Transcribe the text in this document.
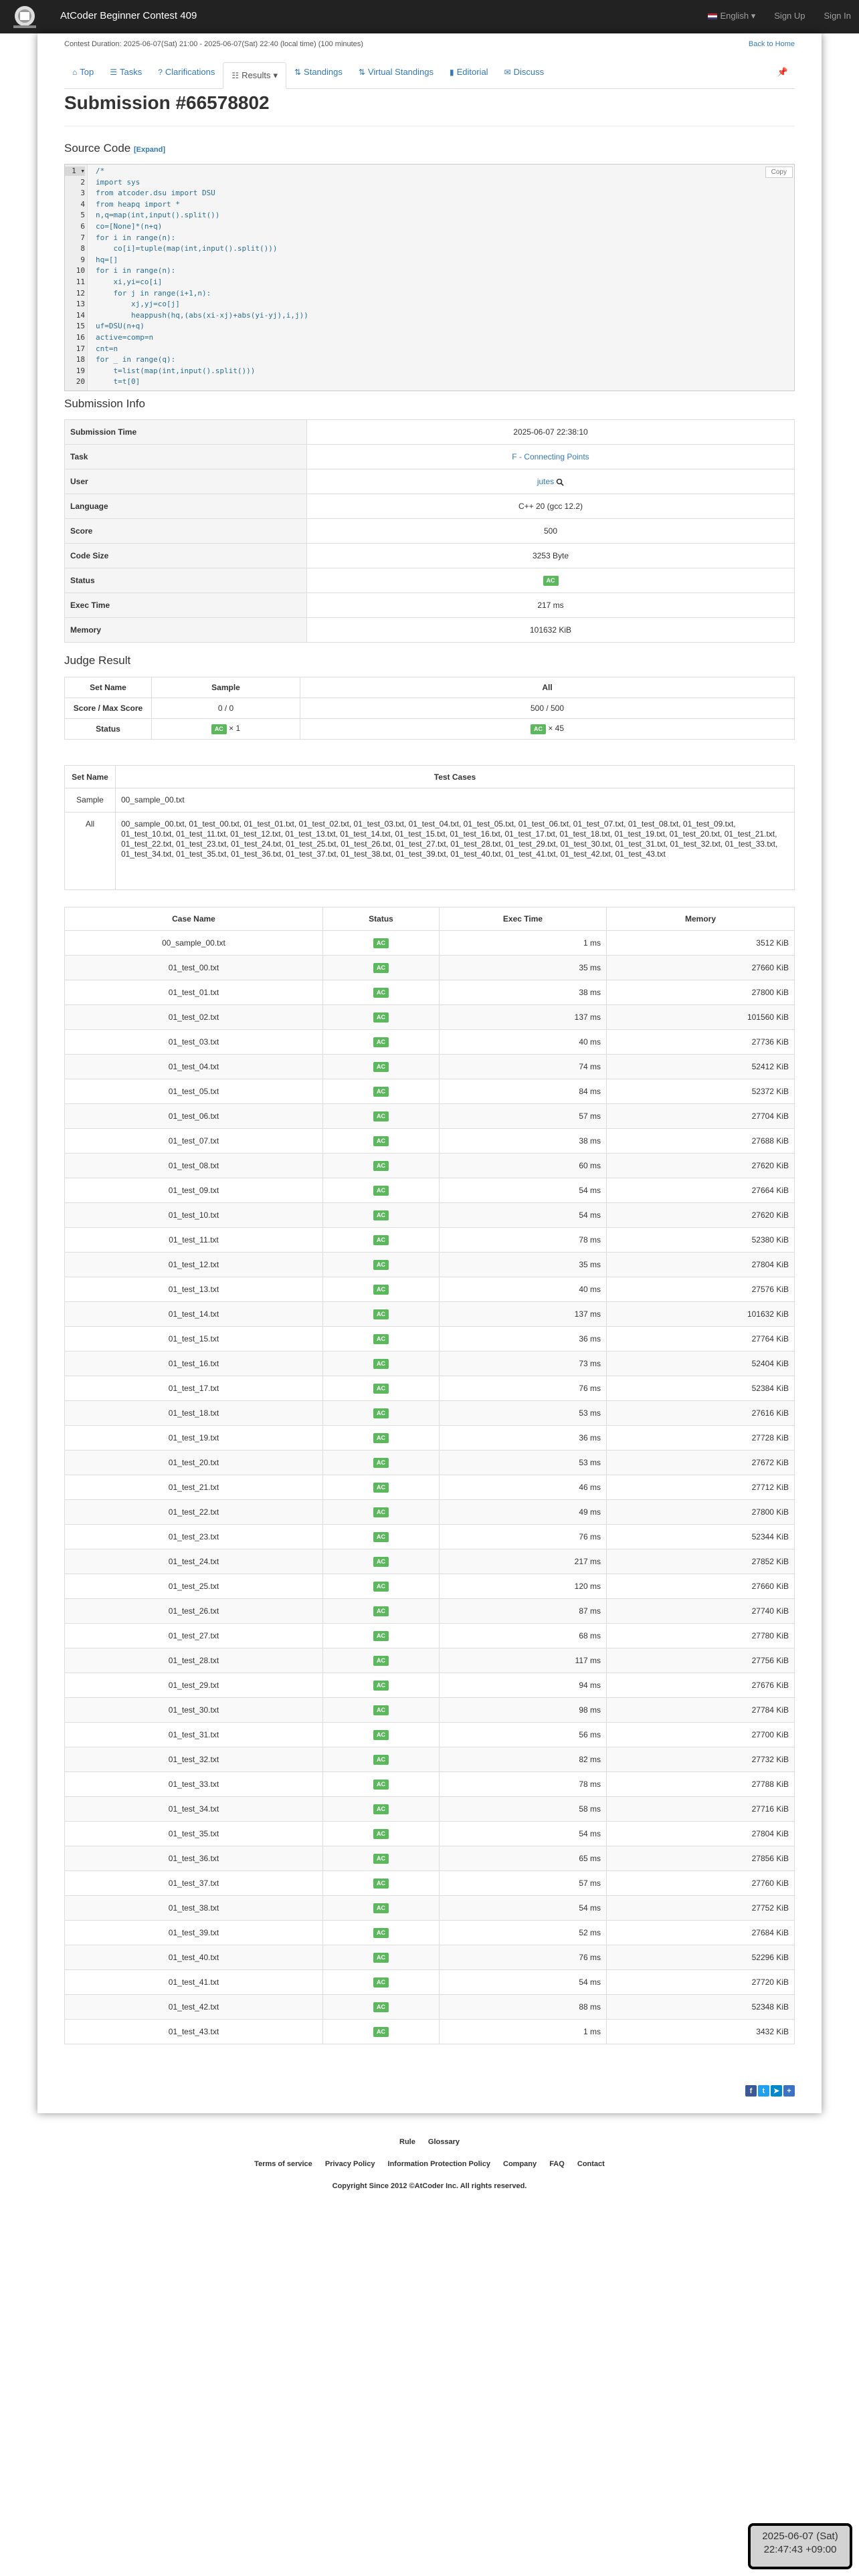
AtCoder Beginner Contest 409	English ▾ Sign Up Sign In
Contest Duration: 2025-06-07(Sat) 21:00 - 2025-06-07(Sat) 22:40 (local time) (100 minutes)	Back to Home
⌂ Top ☰ Tasks ? Clarifications ☷ Results ▾ ⇅ Standings ⇅ Virtual Standings ▮ Editorial ✉ Discuss	📌
Submission #66578802
Source Code [Expand]
Copy
1 ▾ /*
2 import sys
3 from atcoder.dsu import DSU
4 from heapq import *
5 n,q=map(int,input().split())
6 co=[None]*(n+q)
7 for i in range(n):
8 co[i]=tuple(map(int,input().split()))
9 hq=[]
10 for i in range(n):
11 xi,yi=co[i]
12 for j in range(i+1,n):
13 xj,yj=co[j]
14 heappush(hq,(abs(xi-xj)+abs(yi-yj),i,j))
15 uf=DSU(n+q)
16 active=comp=n
17 cnt=n
18 for _ in range(q):
19 t=list(map(int,input().split()))
20 t=t[0]
Submission Info
Submission Time	2025-06-07 22:38:10
Task	F - Connecting Points
User	jutes
Language	C++ 20 (gcc 12.2)
Score	500
Code Size	3253 Byte
Status	AC
Exec Time	217 ms
Memory	101632 KiB
Judge Result
Set Name	Sample	All
Score / Max Score	0 / 0	500 / 500
Status	AC × 1	AC × 45
Set Name	Test Cases
Sample	00_sample_00.txt
All	00_sample_00.txt, 01_test_00.txt, 01_test_01.txt, 01_test_02.txt, 01_test_03.txt, 01_test_04.txt, 01_test_05.txt, 01_test_06.txt, 01_test_07.txt, 01_test_08.txt, 01_test_09.txt, 01_test_10.txt, 01_test_11.txt, 01_test_12.txt, 01_test_13.txt, 01_test_14.txt, 01_test_15.txt, 01_test_16.txt, 01_test_17.txt, 01_test_18.txt, 01_test_19.txt, 01_test_20.txt, 01_test_21.txt, 01_test_22.txt, 01_test_23.txt, 01_test_24.txt, 01_test_25.txt, 01_test_26.txt, 01_test_27.txt, 01_test_28.txt, 01_test_29.txt, 01_test_30.txt, 01_test_31.txt, 01_test_32.txt, 01_test_33.txt, 01_test_34.txt, 01_test_35.txt, 01_test_36.txt, 01_test_37.txt, 01_test_38.txt, 01_test_39.txt, 01_test_40.txt, 01_test_41.txt, 01_test_42.txt, 01_test_43.txt
Case Name	Status	Exec Time	Memory
00_sample_00.txt	AC	1 ms	3512 KiB
01_test_00.txt	AC	35 ms	27660 KiB
01_test_01.txt	AC	38 ms	27800 KiB
01_test_02.txt	AC	137 ms	101560 KiB
01_test_03.txt	AC	40 ms	27736 KiB
01_test_04.txt	AC	74 ms	52412 KiB
01_test_05.txt	AC	84 ms	52372 KiB
01_test_06.txt	AC	57 ms	27704 KiB
01_test_07.txt	AC	38 ms	27688 KiB
01_test_08.txt	AC	60 ms	27620 KiB
01_test_09.txt	AC	54 ms	27664 KiB
01_test_10.txt	AC	54 ms	27620 KiB
01_test_11.txt	AC	78 ms	52380 KiB
01_test_12.txt	AC	35 ms	27804 KiB
01_test_13.txt	AC	40 ms	27576 KiB
01_test_14.txt	AC	137 ms	101632 KiB
01_test_15.txt	AC	36 ms	27764 KiB
01_test_16.txt	AC	73 ms	52404 KiB
01_test_17.txt	AC	76 ms	52384 KiB
01_test_18.txt	AC	53 ms	27616 KiB
01_test_19.txt	AC	36 ms	27728 KiB
01_test_20.txt	AC	53 ms	27672 KiB
01_test_21.txt	AC	46 ms	27712 KiB
01_test_22.txt	AC	49 ms	27800 KiB
01_test_23.txt	AC	76 ms	52344 KiB
01_test_24.txt	AC	217 ms	27852 KiB
01_test_25.txt	AC	120 ms	27660 KiB
01_test_26.txt	AC	87 ms	27740 KiB
01_test_27.txt	AC	68 ms	27780 KiB
01_test_28.txt	AC	117 ms	27756 KiB
01_test_29.txt	AC	94 ms	27676 KiB
01_test_30.txt	AC	98 ms	27784 KiB
01_test_31.txt	AC	56 ms	27700 KiB
01_test_32.txt	AC	82 ms	27732 KiB
01_test_33.txt	AC	78 ms	27788 KiB
01_test_34.txt	AC	58 ms	27716 KiB
01_test_35.txt	AC	54 ms	27804 KiB
01_test_36.txt	AC	65 ms	27856 KiB
01_test_37.txt	AC	57 ms	27760 KiB
01_test_38.txt	AC	54 ms	27752 KiB
01_test_39.txt	AC	52 ms	27684 KiB
01_test_40.txt	AC	76 ms	52296 KiB
01_test_41.txt	AC	54 ms	27720 KiB
01_test_42.txt	AC	88 ms	52348 KiB
01_test_43.txt	AC	1 ms	3432 KiB
f	t	➤	+
Rule Glossary
Terms of service Privacy Policy Information Protection Policy Company FAQ Contact
Copyright Since 2012 ©AtCoder Inc. All rights reserved.
2025-06-07 (Sat)
22:47:43 +09:00
